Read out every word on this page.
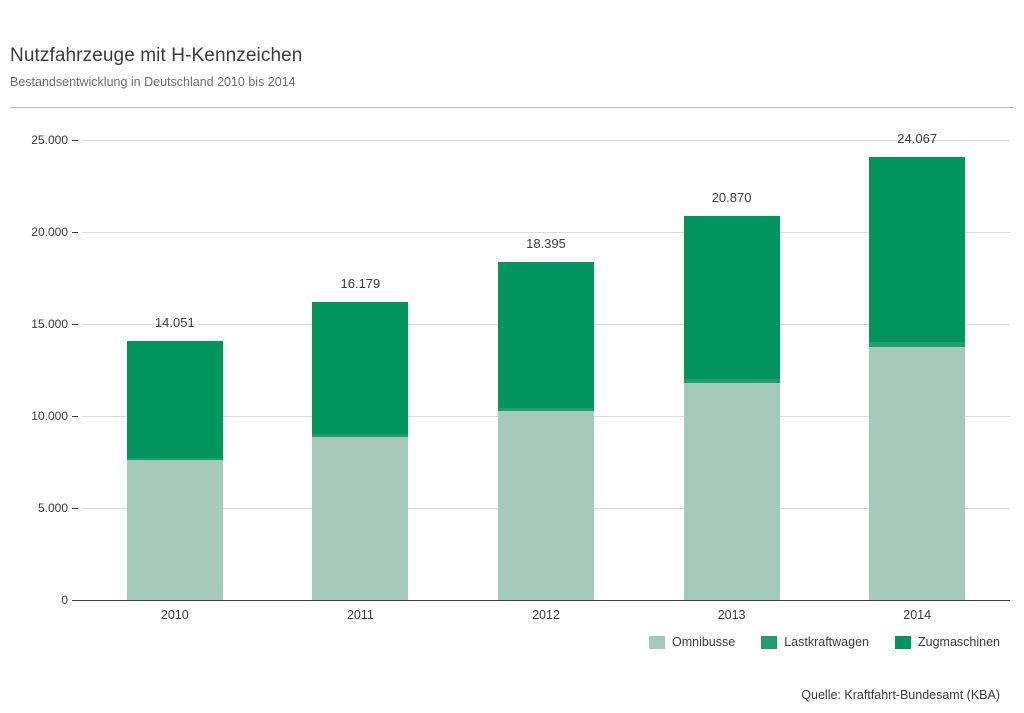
Nutzfahrzeuge mit H-Kennzeichen

Bestandsentwicklung in Deutschland 2010 bis 2014

0
5.000
10.000
15.000
20.000
25.000
14.051
16.179
18.395
20.870
24.067
2010	2011	2012	2013	2014
Omnibusse	Lastkraftwagen	Zugmaschinen
Quelle: Kraftfahrt-Bundesamt (KBA)
